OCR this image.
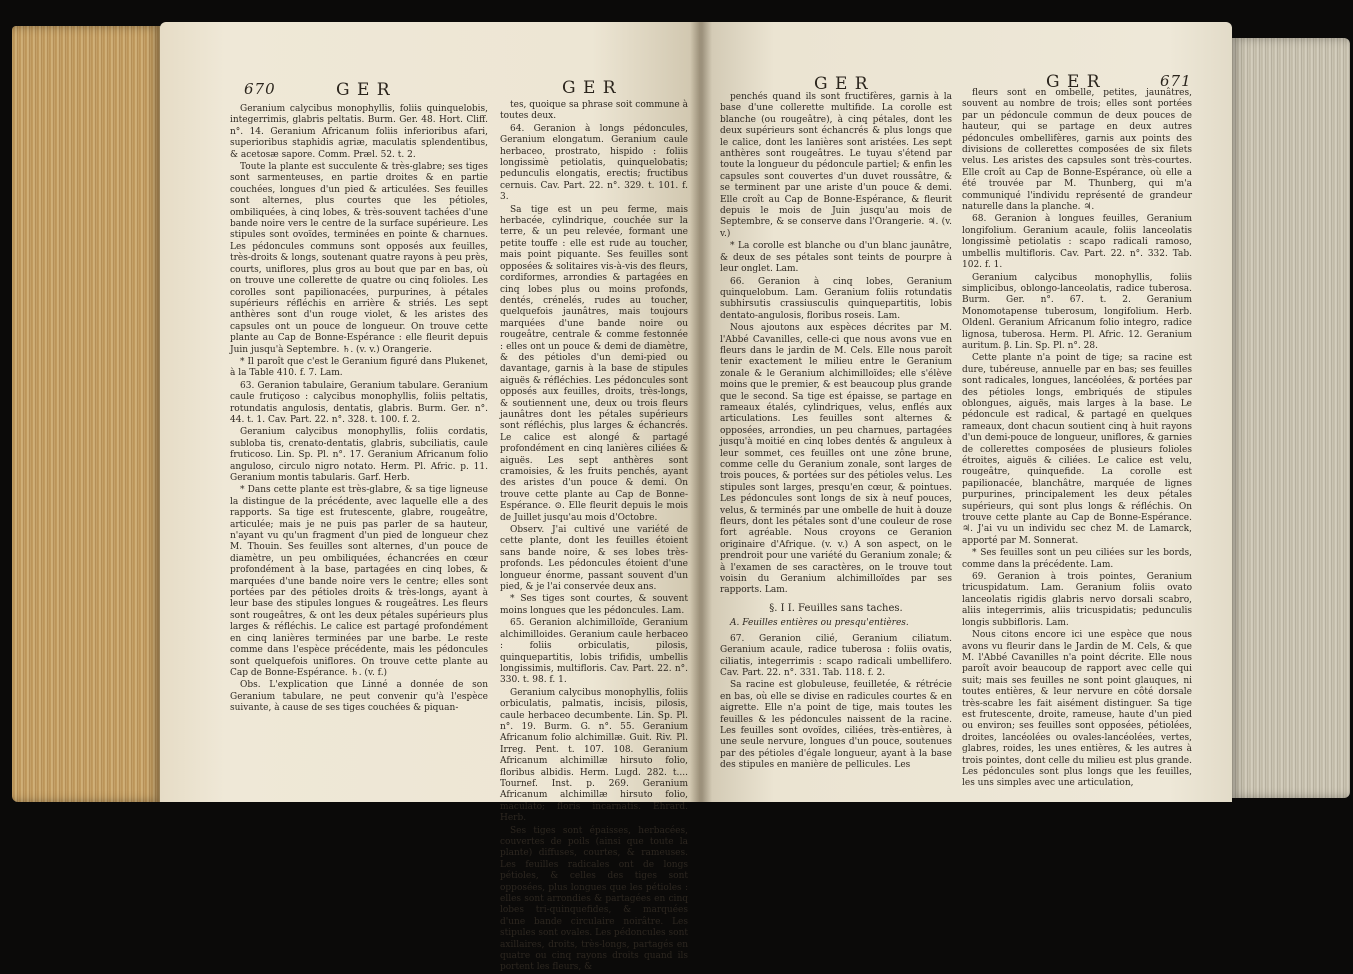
670	G E R	G E R

Geranium calycibus monophyllis, foliis quinquelobis, integerrimis, glabris peltatis. Burm. Ger. 48. Hort. Cliff. n°. 14. Geranium Africanum foliis inferioribus afari, superioribus staphidis agriæ, maculatis splendentibus, & acetosæ sapore. Comm. Præl. 52. t. 2.

Toute la plante est succulente & très-glabre; ses tiges sont sarmenteuses, en partie droites & en partie couchées, longues d'un pied & articulées. Ses feuilles sont alternes, plus courtes que les pétioles, ombiliquées, à cinq lobes, & très-souvent tachées d'une bande noire vers le centre de la surface supérieure. Les stipules sont ovoïdes, terminées en pointe & charnues. Les pédoncules communs sont opposés aux feuilles, très-droits & longs, soutenant quatre rayons à peu près, courts, uniflores, plus gros au bout que par en bas, où on trouve une collerette de quatre ou cinq folioles. Les corolles sont papilionacées, purpurines, à pétales supérieurs réfléchis en arrière & striés. Les sept anthères sont d'un rouge violet, & les aristes des capsules ont un pouce de longueur. On trouve cette plante au Cap de Bonne-Espérance : elle fleurit depuis Juin jusqu'à Septembre. ♄. (v. v.) Orangerie.

* Il paroît que c'est le Geranium figuré dans Plukenet, à la Table 410. f. 7. Lam.

63. Geranion tabulaire, Geranium tabulare. Geranium caule frutiçoso : calycibus monophyllis, foliis peltatis, rotundatis angulosis, dentatis, glabris. Burm. Ger. n°. 44. t. 1. Cav. Part. 22. n°. 328. t. 100. f. 2.

Geranium calycibus monophyllis, foliis cordatis, subloba tis, crenato-dentatis, glabris, subciliatis, caule fruticoso. Lin. Sp. Pl. n°. 17. Geranium Africanum folio anguloso, circulo nigro notato. Herm. Pl. Afric. p. 11. Geranium montis tabularis. Garf. Herb.

* Dans cette plante est très-glabre, & sa tige ligneuse la distingue de la précédente, avec laquelle elle a des rapports. Sa tige est frutescente, glabre, rougeâtre, articulée; mais je ne puis pas parler de sa hauteur, n'ayant vu qu'un fragment d'un pied de longueur chez M. Thouin. Ses feuilles sont alternes, d'un pouce de diamètre, un peu ombiliquées, échancrées en cœur profondément à la base, partagées en cinq lobes, & marquées d'une bande noire vers le centre; elles sont portées par des pétioles droits & très-longs, ayant à leur base des stipules longues & rougeâtres. Les fleurs sont rougeâtres, & ont les deux pétales supérieurs plus larges & réfléchis. Le calice est partagé profondément en cinq lanières terminées par une barbe. Le reste comme dans l'espèce précédente, mais les pédoncules sont quelquefois uniflores. On trouve cette plante au Cap de Bonne-Espérance. ♄. (v. f.)

Obs. L'explication que Linné a donnée de son Geranium tabulare, ne peut convenir qu'à l'espèce suivante, à cause de ses tiges couchées & piquan-

tes, quoique sa phrase soit commune à toutes deux.

64. Geranion à longs pédoncules, Geranium elongatum. Geranium caule herbaceo, prostrato, hispido : foliis longissimè petiolatis, quinquelobatis; pedunculis elongatis, erectis; fructibus cernuis. Cav. Part. 22. n°. 329. t. 101. f. 3.

Sa tige est un peu ferme, mais herbacée, cylindrique, couchée sur la terre, & un peu relevée, formant une petite touffe : elle est rude au toucher, mais point piquante. Ses feuilles sont opposées & solitaires vis-à-vis des fleurs, cordiformes, arrondies & partagées en cinq lobes plus ou moins profonds, dentés, crénelés, rudes au toucher, quelquefois jaunâtres, mais toujours marquées d'une bande noire ou rougeâtre, centrale & comme festonnée : elles ont un pouce & demi de diamètre, & des pétioles d'un demi-pied ou davantage, garnis à la base de stipules aiguës & réfléchies. Les pédoncules sont opposés aux feuilles, droits, très-longs, & soutiennent une, deux ou trois fleurs jaunâtres dont les pétales supérieurs sont réfléchis, plus larges & échancrés. Le calice est alongé & partagé profondément en cinq lanières ciliées & aiguës. Les sept anthères sont cramoisies, & les fruits penchés, ayant des aristes d'un pouce & demi. On trouve cette plante au Cap de Bonne-Espérance. ⊙. Elle fleurit depuis le mois de Juillet jusqu'au mois d'Octobre.

Observ. J'ai cultivé une variété de cette plante, dont les feuilles étoient sans bande noire, & ses lobes très-profonds. Les pédoncules étoient d'une longueur énorme, passant souvent d'un pied, & je l'ai conservée deux ans.

* Ses tiges sont courtes, & souvent moins longues que les pédoncules. Lam.

65. Geranion alchimilloïde, Geranium alchimilloides. Geranium caule herbaceo : foliis orbiculatis, pilosis, quinquepartitis, lobis trifidis, umbellis longissimis, multifloris. Cav. Part. 22. n°. 330. t. 98. f. 1.

Geranium calycibus monophyllis, foliis orbiculatis, palmatis, incisis, pilosis, caule herbaceo decumbente. Lin. Sp. Pl. n°. 19. Burm. G. n°. 55. Geranium Africanum folio alchimillæ. Guit. Riv. Pl. Irreg. Pent. t. 107. 108. Geranium Africanum alchimillæ hirsuto folio, floribus albidis. Herm. Lugd. 282. t.... Tournef. Inst. p. 269. Geranium Africanum alchimillæ hirsuto folio, maculato; floris incarnatis. Ehrard. Herb.

Ses tiges sont épaisses, herbacées, couvertes de poils (ainsi que toute la plante) diffuses, courtes, & rameuses. Les feuilles radicales ont de longs pétioles, & celles des tiges sont opposées, plus longues que les pétioles : elles sont arrondies & partagées en cinq lobes tri-quinquefides, & marquées d'une bande circulaire noirâtre. Les stipules sont ovales. Les pédoncules sont axillaires, droits, très-longs, partagés en quatre ou cinq rayons droits quand ils portent les fleurs, &

G E R	G E R	671

penchés quand ils sont fructifères, garnis à la base d'une collerette multifide. La corolle est blanche (ou rougeâtre), à cinq pétales, dont les deux supérieurs sont échancrés & plus longs que le calice, dont les lanières sont aristées. Les sept anthères sont rougeâtres. Le tuyau s'étend par toute la longueur du pédoncule partiel; & enfin les capsules sont couvertes d'un duvet roussâtre, & se terminent par une ariste d'un pouce & demi. Elle croît au Cap de Bonne-Espérance, & fleurit depuis le mois de Juin jusqu'au mois de Septembre, & se conserve dans l'Orangerie. ♃. (v. v.)

* La corolle est blanche ou d'un blanc jaunâtre, & deux de ses pétales sont teints de pourpre à leur onglet. Lam.

66. Geranion à cinq lobes, Geranium quinquelobum. Lam. Geranium foliis rotundatis subhirsutis crassiusculis quinquepartitis, lobis dentato-angulosis, floribus roseis. Lam.

Nous ajoutons aux espèces décrites par M. l'Abbé Cavanilles, celle-ci que nous avons vue en fleurs dans le jardin de M. Cels. Elle nous paroît tenir exactement le milieu entre le Geranium zonale & le Geranium alchimilloïdes; elle s'élève moins que le premier, & est beaucoup plus grande que le second. Sa tige est épaisse, se partage en rameaux étalés, cylindriques, velus, enflés aux articulations. Les feuilles sont alternes & opposées, arrondies, un peu charnues, partagées jusqu'à moitié en cinq lobes dentés & anguleux à leur sommet, ces feuilles ont une zône brune, comme celle du Geranium zonale, sont larges de trois pouces, & portées sur des pétioles velus. Les stipules sont larges, presqu'en cœur, & pointues. Les pédoncules sont longs de six à neuf pouces, velus, & terminés par une ombelle de huit à douze fleurs, dont les pétales sont d'une couleur de rose fort agréable. Nous croyons ce Geranion originaire d'Afrique. (v. v.) A son aspect, on le prendroit pour une variété du Geranium zonale; & à l'examen de ses caractères, on le trouve tout voisin du Geranium alchimilloïdes par ses rapports. Lam.

§. I I. Feuilles sans taches.

A. Feuilles entières ou presqu'entières.

67. Geranion cilié, Geranium ciliatum. Geranium acaule, radice tuberosa : foliis ovatis, ciliatis, integerrimis : scapo radicali umbellifero. Cav. Part. 22. n°. 331. Tab. 118. f. 2.

Sa racine est globuleuse, feuilletée, & rétrécie en bas, où elle se divise en radicules courtes & en aigrette. Elle n'a point de tige, mais toutes les feuilles & les pédoncules naissent de la racine. Les feuilles sont ovoïdes, ciliées, très-entières, à une seule nervure, longues d'un pouce, soutenues par des pétioles d'égale longueur, ayant à la base des stipules en manière de pellicules. Les

fleurs sont en ombelle, petites, jaunâtres, souvent au nombre de trois; elles sont portées par un pédoncule commun de deux pouces de hauteur, qui se partage en deux autres pédoncules ombellifères, garnis aux points des divisions de collerettes composées de six filets velus. Les aristes des capsules sont très-courtes. Elle croît au Cap de Bonne-Espérance, où elle a été trouvée par M. Thunberg, qui m'a communiqué l'individu représenté de grandeur naturelle dans la planche. ♃.

68. Geranion à longues feuilles, Geranium longifolium. Geranium acaule, foliis lanceolatis longissimè petiolatis : scapo radicali ramoso, umbellis multifloris. Cav. Part. 22. n°. 332. Tab. 102. f. 1.

Geranium calycibus monophyllis, foliis simplicibus, oblongo-lanceolatis, radice tuberosa. Burm. Ger. n°. 67. t. 2. Geranium Monomotapense tuberosum, longifolium. Herb. Oldenl. Geranium Africanum folio integro, radice lignosa, tuberosa. Herm. Pl. Afric. 12. Geranium auritum. β. Lin. Sp. Pl. n°. 28.

Cette plante n'a point de tige; sa racine est dure, tubéreuse, annuelle par en bas; ses feuilles sont radicales, longues, lancéolées, & portées par des pétioles longs, embriqués de stipules oblongues, aiguës, mais larges à la base. Le pédoncule est radical, & partagé en quelques rameaux, dont chacun soutient cinq à huit rayons d'un demi-pouce de longueur, uniflores, & garnies de collerettes composées de plusieurs folioles étroites, aiguës & ciliées. Le calice est velu, rougeâtre, quinquefide. La corolle est papilionacée, blanchâtre, marquée de lignes purpurines, principalement les deux pétales supérieurs, qui sont plus longs & réfléchis. On trouve cette plante au Cap de Bonne-Espérance. ♃. J'ai vu un individu sec chez M. de Lamarck, apporté par M. Sonnerat.

* Ses feuilles sont un peu ciliées sur les bords, comme dans la précédente. Lam.

69. Geranion à trois pointes, Geranium tricuspidatum. Lam. Geranium foliis ovato lanceolatis rigidis glabris nervo dorsali scabro, aliis integerrimis, aliis tricuspidatis; pedunculis longis subbifloris. Lam.

Nous citons encore ici une espèce que nous avons vu fleurir dans le Jardin de M. Cels, & que M. l'Abbé Cavanilles n'a point décrite. Elle nous paroît avoir beaucoup de rapport avec celle qui suit; mais ses feuilles ne sont point glauques, ni toutes entières, & leur nervure en côté dorsale très-scabre les fait aisément distinguer. Sa tige est frutescente, droite, rameuse, haute d'un pied ou environ; ses feuilles sont opposées, pétiolées, droites, lancéolées ou ovales-lancéolées, vertes, glabres, roides, les unes entières, & les autres à trois pointes, dont celle du milieu est plus grande. Les pédoncules sont plus longs que les feuilles, les uns simples avec une articulation,
